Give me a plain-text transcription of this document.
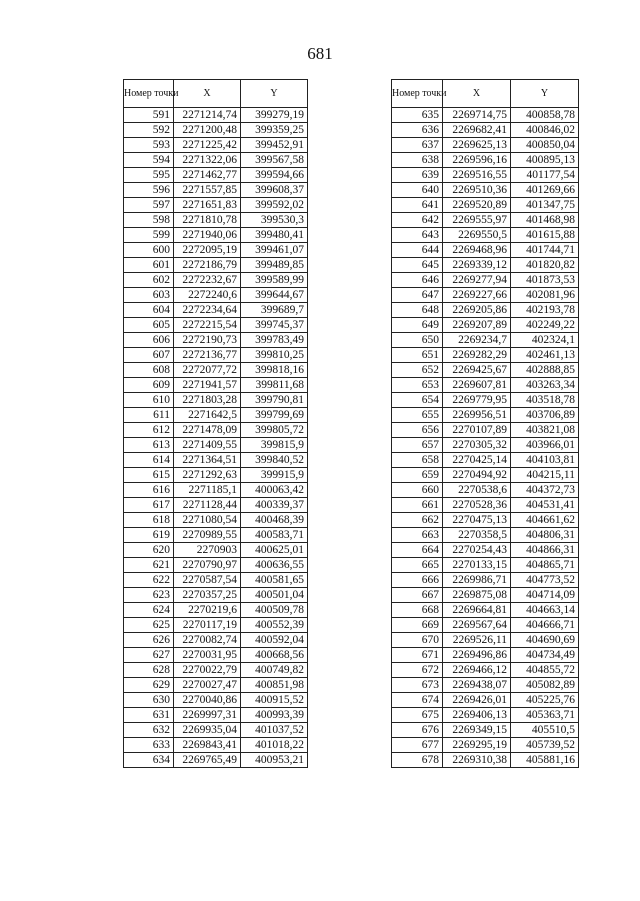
681
Номер точки	X	Y
591	2271214,74	399279,19
592	2271200,48	399359,25
593	2271225,42	399452,91
594	2271322,06	399567,58
595	2271462,77	399594,66
596	2271557,85	399608,37
597	2271651,83	399592,02
598	2271810,78	399530,3
599	2271940,06	399480,41
600	2272095,19	399461,07
601	2272186,79	399489,85
602	2272232,67	399589,99
603	2272240,6	399644,67
604	2272234,64	399689,7
605	2272215,54	399745,37
606	2272190,73	399783,49
607	2272136,77	399810,25
608	2272077,72	399818,16
609	2271941,57	399811,68
610	2271803,28	399790,81
611	2271642,5	399799,69
612	2271478,09	399805,72
613	2271409,55	399815,9
614	2271364,51	399840,52
615	2271292,63	399915,9
616	2271185,1	400063,42
617	2271128,44	400339,37
618	2271080,54	400468,39
619	2270989,55	400583,71
620	2270903	400625,01
621	2270790,97	400636,55
622	2270587,54	400581,65
623	2270357,25	400501,04
624	2270219,6	400509,78
625	2270117,19	400552,39
626	2270082,74	400592,04
627	2270031,95	400668,56
628	2270022,79	400749,82
629	2270027,47	400851,98
630	2270040,86	400915,52
631	2269997,31	400993,39
632	2269935,04	401037,52
633	2269843,41	401018,22
634	2269765,49	400953,21
Номер точки	X	Y
635	2269714,75	400858,78
636	2269682,41	400846,02
637	2269625,13	400850,04
638	2269596,16	400895,13
639	2269516,55	401177,54
640	2269510,36	401269,66
641	2269520,89	401347,75
642	2269555,97	401468,98
643	2269550,5	401615,88
644	2269468,96	401744,71
645	2269339,12	401820,82
646	2269277,94	401873,53
647	2269227,66	402081,96
648	2269205,86	402193,78
649	2269207,89	402249,22
650	2269234,7	402324,1
651	2269282,29	402461,13
652	2269425,67	402888,85
653	2269607,81	403263,34
654	2269779,95	403518,78
655	2269956,51	403706,89
656	2270107,89	403821,08
657	2270305,32	403966,01
658	2270425,14	404103,81
659	2270494,92	404215,11
660	2270538,6	404372,73
661	2270528,36	404531,41
662	2270475,13	404661,62
663	2270358,5	404806,31
664	2270254,43	404866,31
665	2270133,15	404865,71
666	2269986,71	404773,52
667	2269875,08	404714,09
668	2269664,81	404663,14
669	2269567,64	404666,71
670	2269526,11	404690,69
671	2269496,86	404734,49
672	2269466,12	404855,72
673	2269438,07	405082,89
674	2269426,01	405225,76
675	2269406,13	405363,71
676	2269349,15	405510,5
677	2269295,19	405739,52
678	2269310,38	405881,16
